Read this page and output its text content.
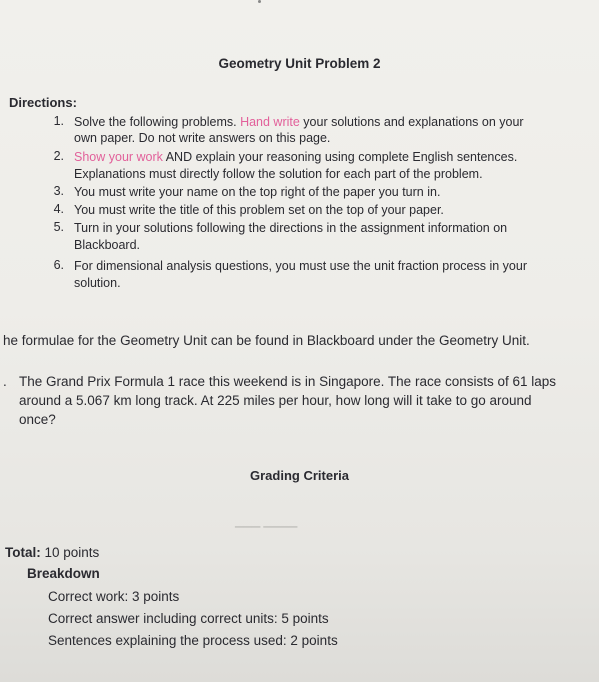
Geometry Unit Problem 2
Directions:
1. Solve the following problems. Hand write your solutions and explanations on your
own paper. Do not write answers on this page.
2. Show your work AND explain your reasoning using complete English sentences.
Explanations must directly follow the solution for each part of the problem.
3. You must write your name on the top right of the paper you turn in.
4. You must write the title of this problem set on the top of your paper.
5. Turn in your solutions following the directions in the assignment information on
Blackboard.
6. For dimensional analysis questions, you must use the unit fraction process in your
solution.
he formulae for the Geometry Unit can be found in Blackboard under the Geometry Unit.
. The Grand Prix Formula 1 race this weekend is in Singapore. The race consists of 61 laps
around a 5.067 km long track. At 225 miles per hour, how long will it take to go around
once?
Grading Criteria
▁▁▁ ▁▁▁▁
Total: 10 points
Breakdown
Correct work: 3 points
Correct answer including correct units: 5 points
Sentences explaining the process used: 2 points
